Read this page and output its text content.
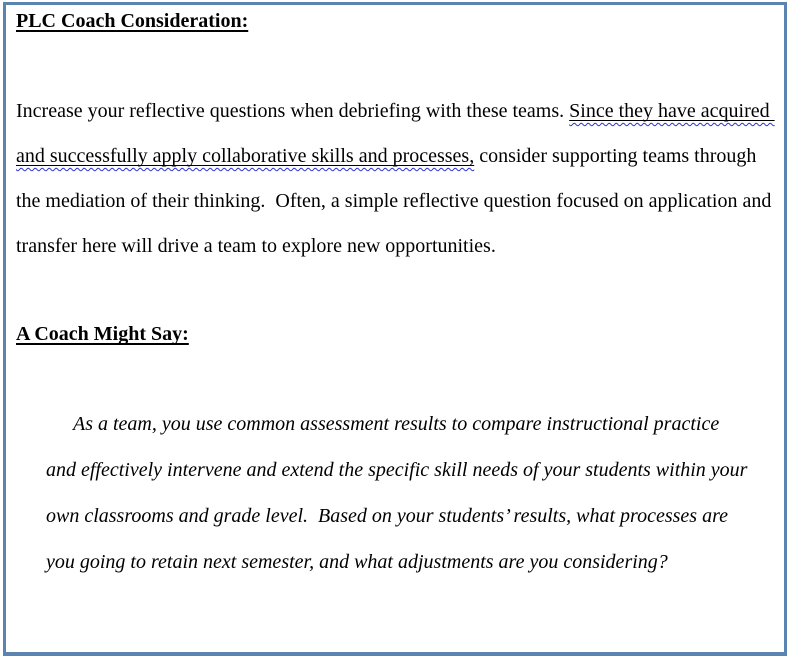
PLC Coach Consideration:
Increase your reflective questions when debriefing with these teams. Since they have acquired
and successfully apply collaborative skills and processes, consider supporting teams through
the mediation of their thinking.  Often, a simple reflective question focused on application and
transfer here will drive a team to explore new opportunities.
A Coach Might Say:
As a team, you use common assessment results to compare instructional practice
and effectively intervene and extend the specific skill needs of your students within your
own classrooms and grade level.  Based on your students’ results, what processes are
you going to retain next semester, and what adjustments are you considering?
